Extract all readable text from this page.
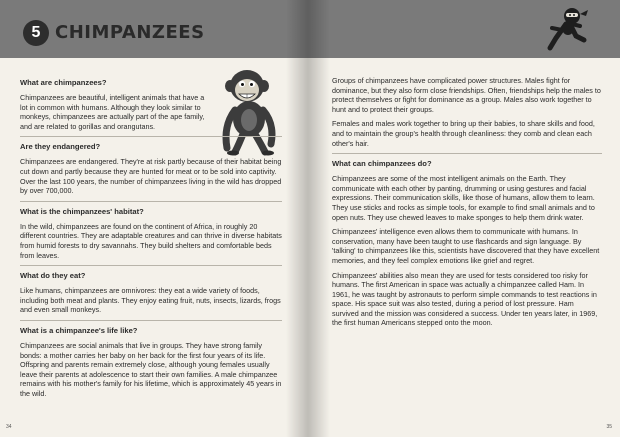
5 CHIMPANZEES
What are chimpanzees?
Chimpanzees are beautiful, intelligent animals that have a lot in common with humans. Although they look similar to monkeys, chimpanzees are actually part of the ape family, and are related to gorillas and orangutans.
Are they endangered?
Chimpanzees are endangered. They're at risk partly because of their habitat being cut down and partly because they are hunted for meat or to be sold into captivity. Over the last 100 years, the number of chimpanzees living in the wild has dropped by over 700,000.
What is the chimpanzees' habitat?
In the wild, chimpanzees are found on the continent of Africa, in roughly 20 different countries. They are adaptable creatures and can thrive in diverse habitats from humid forests to dry savannahs. They build shelters and comfortable beds from leaves.
What do they eat?
Like humans, chimpanzees are omnivores: they eat a wide variety of foods, including both meat and plants. They enjoy eating fruit, nuts, insects, lizards, frogs and even small monkeys.
What is a chimpanzee's life like?
Chimpanzees are social animals that live in groups. They have strong family bonds: a mother carries her baby on her back for the first four years of its life. Offspring and parents remain extremely close, although young females usually leave their parents at adolescence to start their own families. A male chimpanzee remains with his mother's family for his lifetime, which is approximately 45 years in the wild.
34
Groups of chimpanzees have complicated power structures. Males fight for dominance, but they also form close friendships. Often, friendships help the males to protect themselves or fight for dominance as a group. Males also work together to hunt and to protect their groups.
Females and males work together to bring up their babies, to share skills and food, and to maintain the group's health through cleanliness: they comb and clean each other's hair.
What can chimpanzees do?
Chimpanzees are some of the most intelligent animals on the Earth. They communicate with each other by panting, drumming or using gestures and facial expressions. Their communication skills, like those of humans, allow them to learn. They use sticks and rocks as simple tools, for example to find small animals and to open nuts. They use chewed leaves to make sponges to help them drink water.
Chimpanzees' intelligence even allows them to communicate with humans. In conservation, many have been taught to use flashcards and sign language. By 'talking' to chimpanzees like this, scientists have discovered that they have excellent memories, and they feel complex emotions like grief and regret.
Chimpanzees' abilities also mean they are used for tests considered too risky for humans. The first American in space was actually a chimpanzee called Ham. In 1961, he was taught by astronauts to perform simple commands to test reactions in space. His space suit was also tested, during a period of lost pressure. Ham survived and the mission was considered a success. Under ten years later, in 1969, the first human Americans stepped onto the moon.
35
